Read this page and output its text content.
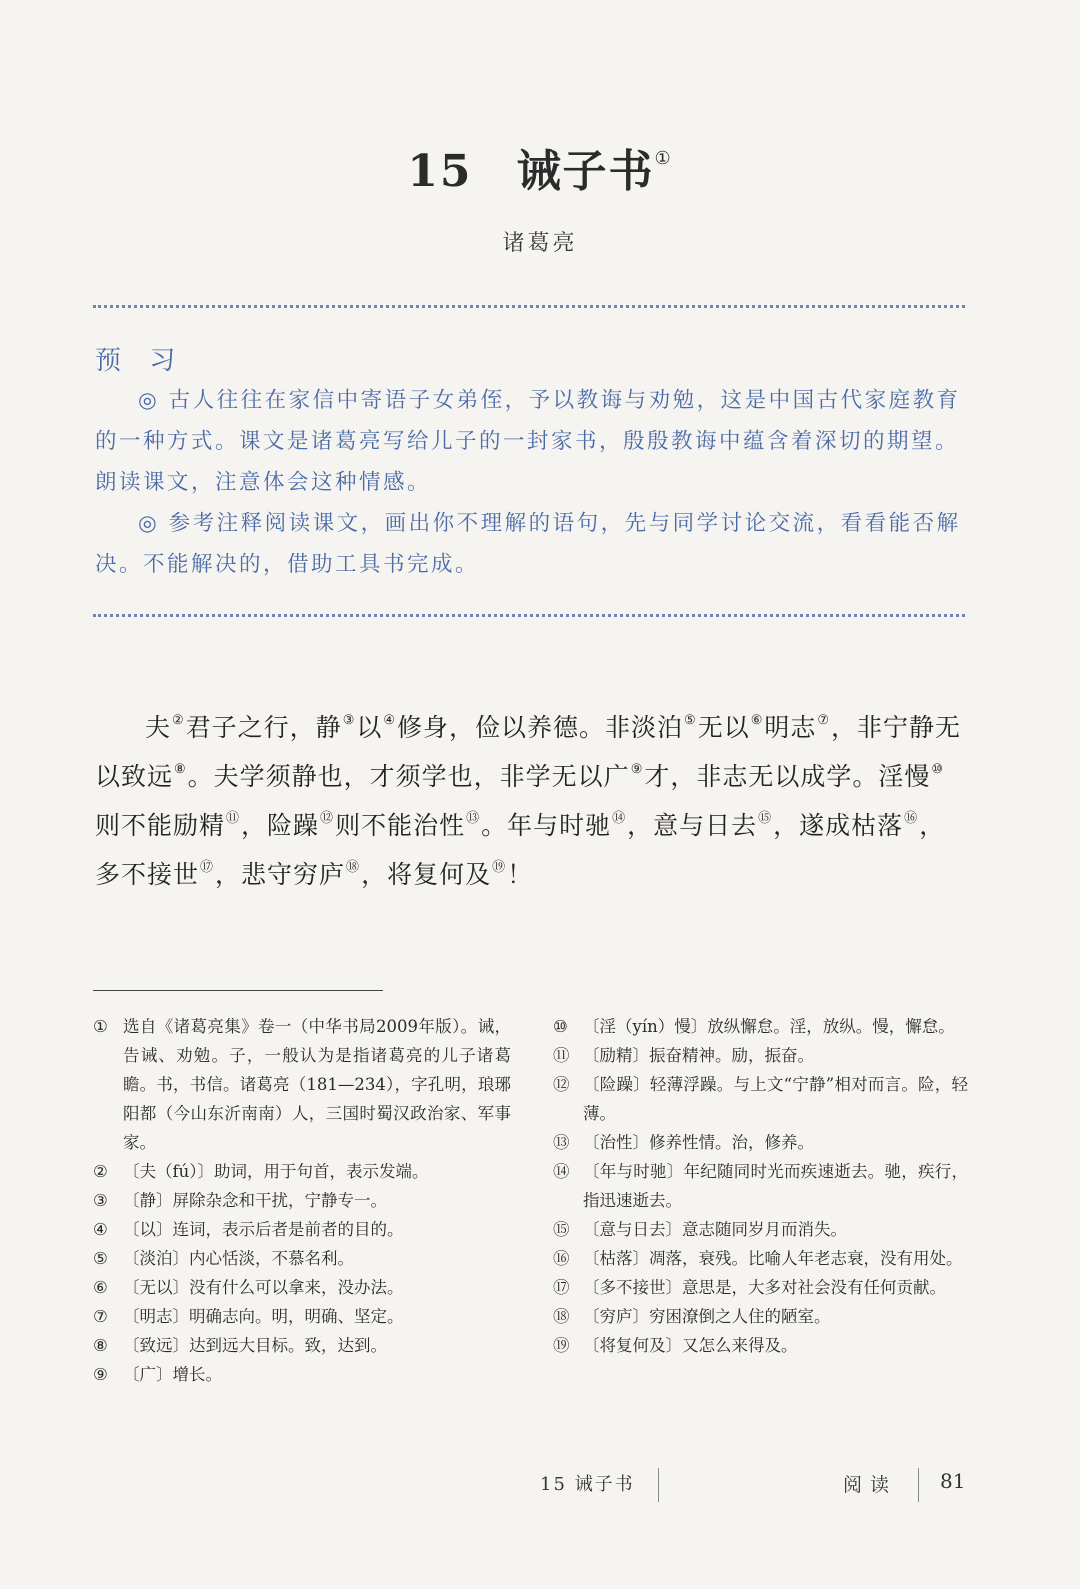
15 诫子书①
诸葛亮
预 习

◎ 古人往往在家信中寄语子女弟侄，予以教诲与劝勉，这是中国古代家庭教育的一种方式。课文是诸葛亮写给儿子的一封家书，殷殷教诲中蕴含着深切的期望。朗读课文，注意体会这种情感。

◎ 参考注释阅读课文，画出你不理解的语句，先与同学讨论交流，看看能否解决。不能解决的，借助工具书完成。

夫②君子之行，静③以④修身，俭以养德。非淡泊⑤无以⑥明志⑦，非宁静无以致远⑧。夫学须静也，才须学也，非学无以广⑨才，非志无以成学。淫慢⑩则不能励精⑪，险躁⑫则不能治性⑬。年与时驰⑭，意与日去⑮，遂成枯落⑯，多不接世⑰，悲守穷庐⑱，将复何及⑲！

① 选自《诸葛亮集》卷一（中华书局2009年版）。诫，告诫、劝勉。子，一般认为是指诸葛亮的儿子诸葛瞻。书，书信。诸葛亮（181—234），字孔明，琅琊阳都（今山东沂南南）人，三国时蜀汉政治家、军事家。
② 〔夫（fú）〕助词，用于句首，表示发端。
③ 〔静〕屏除杂念和干扰，宁静专一。
④ 〔以〕连词，表示后者是前者的目的。
⑤ 〔淡泊〕内心恬淡，不慕名利。
⑥ 〔无以〕没有什么可以拿来，没办法。
⑦ 〔明志〕明确志向。明，明确、坚定。
⑧ 〔致远〕达到远大目标。致，达到。
⑨ 〔广〕增长。
⑩ 〔淫（yín）慢〕放纵懈怠。淫，放纵。慢，懈怠。
⑪ 〔励精〕振奋精神。励，振奋。
⑫ 〔险躁〕轻薄浮躁。与上文“宁静”相对而言。险，轻薄。
⑬ 〔治性〕修养性情。治，修养。
⑭ 〔年与时驰〕年纪随同时光而疾速逝去。驰，疾行，指迅速逝去。
⑮ 〔意与日去〕意志随同岁月而消失。
⑯ 〔枯落〕凋落，衰残。比喻人年老志衰，没有用处。
⑰ 〔多不接世〕意思是，大多对社会没有任何贡献。
⑱ 〔穷庐〕穷困潦倒之人住的陋室。
⑲ 〔将复何及〕又怎么来得及。
15 诫子书	阅读 81
